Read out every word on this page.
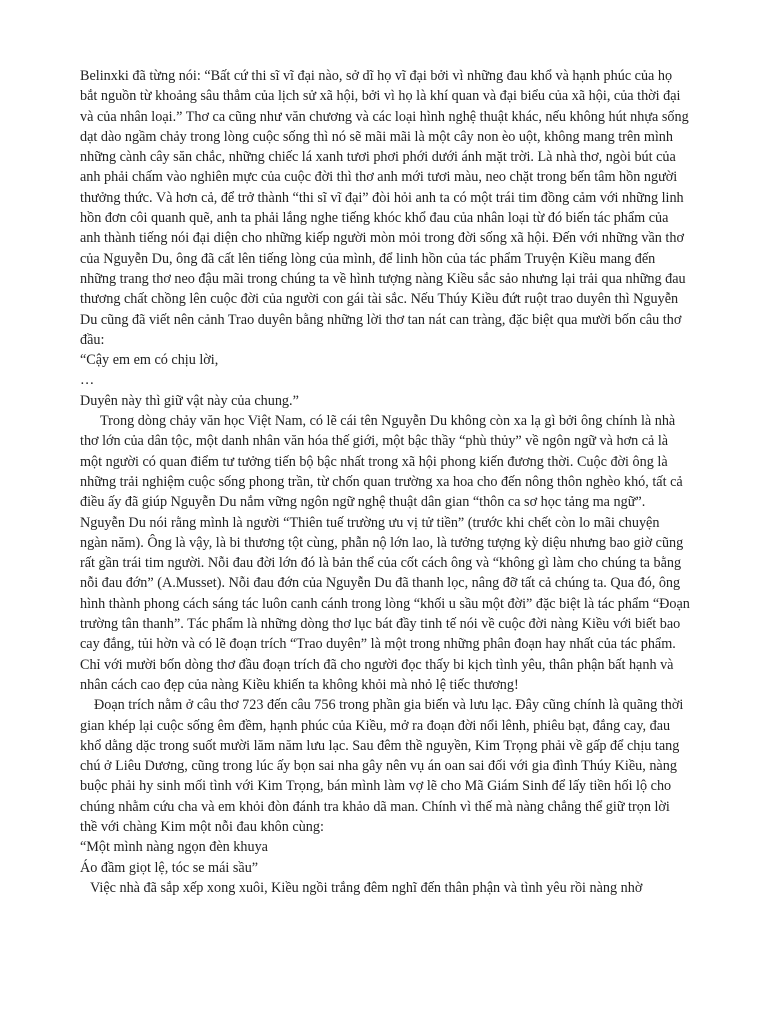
Belinxki đã từng nói: “Bất cứ thi sĩ vĩ đại nào, sở dĩ họ vĩ đại bởi vì những đau khổ và hạnh phúc của họ bắt nguồn từ khoảng sâu thẳm của lịch sử xã hội, bởi vì họ là khí quan và đại biểu của xã hội, của thời đại và của nhân loại.” Thơ ca cũng như văn chương và các loại hình nghệ thuật khác, nếu không hút nhựa sống dạt dào ngầm chảy trong lòng cuộc sống thì nó sẽ mãi mãi là một cây non èo uột, không mang trên mình những cành cây săn chắc, những chiếc lá xanh tươi phơi phới dưới ánh mặt trời. Là nhà thơ, ngòi bút của anh phải chấm vào nghiên mực của cuộc đời thì thơ anh mới tươi màu, neo chặt trong bến tâm hồn người thưởng thức. Và hơn cả, để trở thành “thi sĩ vĩ đại” đòi hỏi anh ta có một trái tim đồng cảm với những linh hồn đơn côi quanh quẽ, anh ta phải lắng nghe tiếng khóc khổ đau của nhân loại từ đó biến tác phẩm của anh thành tiếng nói đại diện cho những kiếp người mòn mỏi trong đời sống xã hội. Đến với những vần thơ của Nguyễn Du, ông đã cất lên tiếng lòng của mình, để linh hồn của tác phẩm Truyện Kiều mang đến những trang thơ neo đậu mãi trong chúng ta về hình tượng nàng Kiều sắc sảo nhưng lại trải qua những đau thương chất chồng lên cuộc đời của người con gái tài sắc. Nếu Thúy Kiều đứt ruột trao duyên thì Nguyễn Du cũng đã viết nên cảnh Trao duyên bằng những lời thơ tan nát can tràng, đặc biệt qua mười bốn câu thơ đầu:

“Cậy em em có chịu lời,

…

Duyên này thì giữ vật này của chung.”

Trong dòng chảy văn học Việt Nam, có lẽ cái tên Nguyễn Du không còn xa lạ gì bởi ông chính là nhà thơ lớn của dân tộc, một danh nhân văn hóa thế giới, một bậc thầy “phù thủy” về ngôn ngữ và hơn cả là một người có quan điểm tư tưởng tiến bộ bậc nhất trong xã hội phong kiến đương thời. Cuộc đời ông là những trải nghiệm cuộc sống phong trần, từ chốn quan trường xa hoa cho đến nông thôn nghèo khó, tất cả điều ấy đã giúp Nguyễn Du nắm vững ngôn ngữ nghệ thuật dân gian “thôn ca sơ học tảng ma ngữ”. Nguyễn Du nói rằng mình là người “Thiên tuế trường ưu vị tử tiền” (trước khi chết còn lo mãi chuyện ngàn năm). Ông là vậy, là bi thương tột cùng, phẫn nộ lớn lao, là tưởng tượng kỳ diệu nhưng bao giờ cũng rất gần trái tim người. Nỗi đau đời lớn đó là bản thể của cốt cách ông và “không gì làm cho chúng ta bằng nỗi đau đớn” (A.Musset). Nỗi đau đớn của Nguyễn Du đã thanh lọc, nâng đỡ tất cả chúng ta. Qua đó, ông hình thành phong cách sáng tác luôn canh cánh trong lòng “khối u sầu một đời” đặc biệt là tác phẩm “Đoạn trường tân thanh”. Tác phẩm là những dòng thơ lục bát đầy tinh tế nói về cuộc đời nàng Kiều với biết bao cay đắng, tủi hờn và có lẽ đoạn trích “Trao duyên” là một trong những phân đoạn hay nhất của tác phẩm. Chỉ với mười bốn dòng thơ đầu đoạn trích đã cho người đọc thấy bi kịch tình yêu, thân phận bất hạnh và nhân cách cao đẹp của nàng Kiều khiến ta không khỏi mà nhỏ lệ tiếc thương!

Đoạn trích nằm ở câu thơ 723 đến câu 756 trong phần gia biến và lưu lạc. Đây cũng chính là quãng thời gian khép lại cuộc sống êm đềm, hạnh phúc của Kiều, mở ra đoạn đời nổi lênh, phiêu bạt, đắng cay, đau khổ dằng dặc trong suốt mười lăm năm lưu lạc. Sau đêm thề nguyền, Kim Trọng phải về gấp để chịu tang chú ở Liêu Dương, cũng trong lúc ấy bọn sai nha gây nên vụ án oan sai đối với gia đình Thúy Kiều, nàng buộc phải hy sinh mối tình với Kim Trọng, bán mình làm vợ lẽ cho Mã Giám Sinh để lấy tiền hối lộ cho chúng nhằm cứu cha và em khỏi đòn đánh tra khảo dã man. Chính vì thế mà nàng chẳng thể giữ trọn lời thề với chàng Kim một nỗi đau khôn cùng:

“Một mình nàng ngọn đèn khuya

Áo đầm giọt lệ, tóc se mái sầu”

Việc nhà đã sắp xếp xong xuôi, Kiều ngồi trắng đêm nghĩ đến thân phận và tình yêu rồi nàng nhờ
